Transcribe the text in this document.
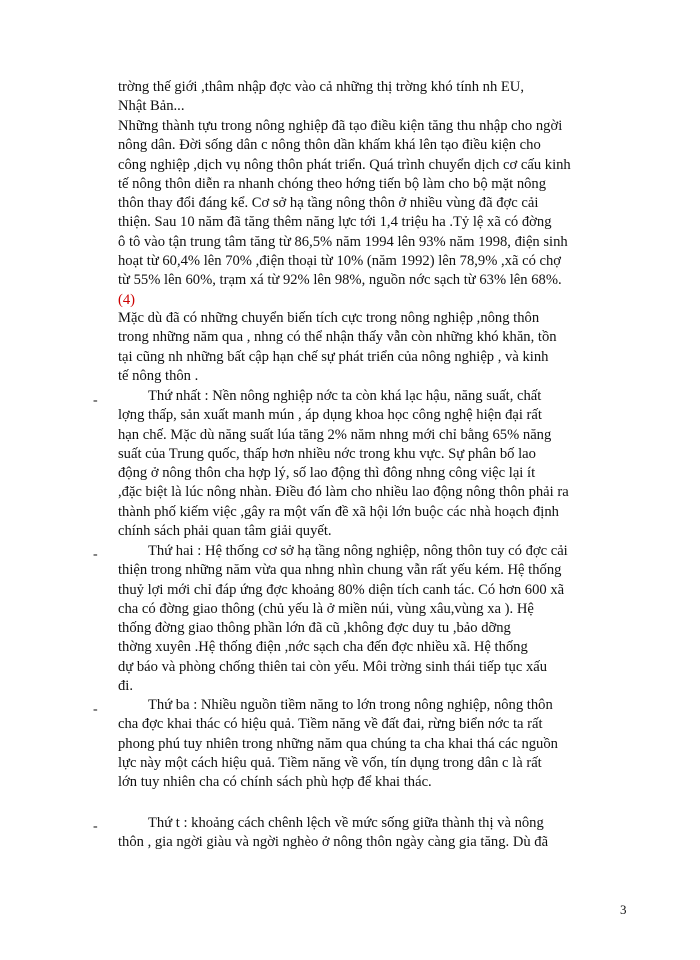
trờng thế giới ,thâm nhập đợc vào cả những thị trờng khó tính nh EU,
Nhật Bản...

Những thành tựu trong nông nghiệp đã tạo điều kiện tăng thu nhập cho ngời
nông dân. Đời sống dân c nông thôn dần khấm khá lên tạo điều kiện cho
công nghiệp ,dịch vụ nông thôn phát triển. Quá trình chuyển dịch cơ cấu kinh
tế nông thôn diễn ra nhanh chóng theo hớng tiến bộ làm cho bộ mặt nông
thôn thay đổi đáng kể. Cơ sở hạ tầng nông thôn ở nhiều vùng đã đợc cải
thiện. Sau 10 năm đã tăng thêm năng lực tới 1,4 triệu ha .Tỷ lệ xã có đờng
ô tô vào tận trung tâm tăng từ 86,5% năm 1994 lên 93% năm 1998, điện sinh
hoạt từ 60,4% lên 70% ,điện thoại từ 10% (năm 1992) lên 78,9% ,xã có chợ
từ 55% lên 60%, trạm xá từ 92% lên 98%, nguồn nớc sạch từ 63% lên 68%.
(4)

Mặc dù đã có những chuyển biến tích cực trong nông nghiệp ,nông thôn
trong những năm qua , nhng có thể nhận thấy vẫn còn những khó khăn, tồn
tại cũng nh những bất cập hạn chế sự phát triển của nông nghiệp , và kinh
tế nông thôn .

-	Thứ nhất : Nền nông nghiệp nớc ta còn khá lạc hậu, năng suất, chất
lợng thấp, sản xuất manh mún , áp dụng khoa học công nghệ hiện đại rất
hạn chế. Mặc dù năng suất lúa tăng 2% năm nhng mới chỉ bằng 65% năng
suất của Trung quốc, thấp hơn nhiều nớc trong khu vực. Sự phân bố lao
động ở nông thôn cha hợp lý, số lao động thì đông nhng công việc lại ít
,đặc biệt là lúc nông nhàn. Điều đó làm cho nhiều lao động nông thôn phải ra
thành phố kiếm việc ,gây ra một vấn đề xã hội lớn buộc các nhà hoạch định
chính sách phải quan tâm giải quyết.

-	Thứ hai : Hệ thống cơ sở hạ tầng nông nghiệp, nông thôn tuy có đợc cải
thiện trong những năm vừa qua nhng nhìn chung vẫn rất yếu kém. Hệ thống
thuỷ lợi mới chỉ đáp ứng đợc khoảng 80% diện tích canh tác. Có hơn 600 xã
cha có đờng giao thông (chủ yếu là ở miền núi, vùng xâu,vùng xa ). Hệ
thống đờng giao thông phần lớn đã cũ ,không đợc duy tu ,bảo dỡng
thờng xuyên .Hệ thống điện ,nớc sạch cha đến đợc nhiều xã. Hệ thống
dự báo và phòng chống thiên tai còn yếu. Môi trờng sinh thái tiếp tục xấu
đi.

-	Thứ ba : Nhiều nguồn tiềm năng to lớn trong nông nghiệp, nông thôn
cha đợc khai thác có hiệu quả. Tiềm năng về đất đai, rừng biển nớc ta rất
phong phú tuy nhiên trong những năm qua chúng ta cha khai thá các nguồn
lực này một cách hiệu quả. Tiềm năng về vốn, tín dụng trong dân c là rất
lớn tuy nhiên cha có chính sách phù hợp để khai thác.

-	Thứ t : khoảng cách chênh lệch về mức sống giữa thành thị và nông
thôn , gia ngời giàu và ngời nghèo ở nông thôn ngày càng gia tăng. Dù đã

3
